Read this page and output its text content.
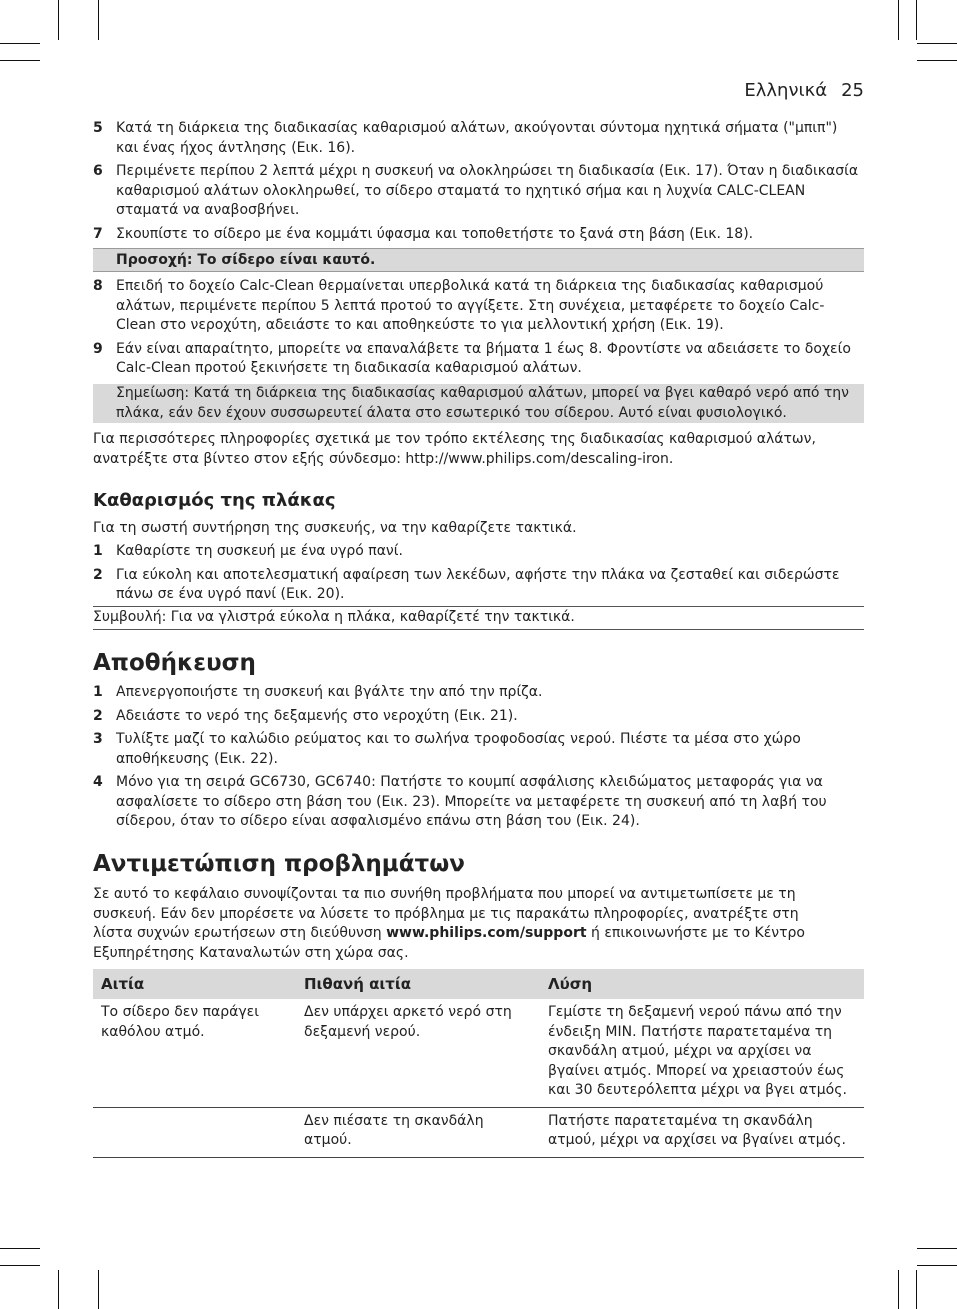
Ελληνικά 25
5 Κατά τη διάρκεια της διαδικασίας καθαρισμού αλάτων, ακούγονται σύντομα ηχητικά σήματα ("μπιπ") και ένας ήχος άντλησης (Εικ. 16).
6 Περιμένετε περίπου 2 λεπτά μέχρι η συσκευή να ολοκληρώσει τη διαδικασία (Εικ. 17). Όταν η διαδικασία καθαρισμού αλάτων ολοκληρωθεί, το σίδερο σταματά το ηχητικό σήμα και η λυχνία CALC-CLEAN σταματά να αναβοσβήνει.
7 Σκουπίστε το σίδερο με ένα κομμάτι ύφασμα και τοποθετήστε το ξανά στη βάση (Εικ. 18).
Προσοχή: Το σίδερο είναι καυτό.
8 Επειδή το δοχείο Calc-Clean θερμαίνεται υπερβολικά κατά τη διάρκεια της διαδικασίας καθαρισμού αλάτων, περιμένετε περίπου 5 λεπτά προτού το αγγίξετε. Στη συνέχεια, μεταφέρετε το δοχείο Calc-Clean στο νεροχύτη, αδειάστε το και αποθηκεύστε το για μελλοντική χρήση (Εικ. 19).
9 Εάν είναι απαραίτητο, μπορείτε να επαναλάβετε τα βήματα 1 έως 8. Φροντίστε να αδειάσετε το δοχείο Calc-Clean προτού ξεκινήσετε τη διαδικασία καθαρισμού αλάτων.
Σημείωση: Κατά τη διάρκεια της διαδικασίας καθαρισμού αλάτων, μπορεί να βγει καθαρό νερό από την πλάκα, εάν δεν έχουν συσσωρευτεί άλατα στο εσωτερικό του σίδερου. Αυτό είναι φυσιολογικό.
Για περισσότερες πληροφορίες σχετικά με τον τρόπο εκτέλεσης της διαδικασίας καθαρισμού αλάτων, ανατρέξτε στα βίντεο στον εξής σύνδεσμο: http://www.philips.com/descaling-iron.
Καθαρισμός της πλάκας
Για τη σωστή συντήρηση της συσκευής, να την καθαρίζετε τακτικά.
1 Καθαρίστε τη συσκευή με ένα υγρό πανί.
2 Για εύκολη και αποτελεσματική αφαίρεση των λεκέδων, αφήστε την πλάκα να ζεσταθεί και σιδερώστε πάνω σε ένα υγρό πανί (Εικ. 20).
Συμβουλή: Για να γλιστρά εύκολα η πλάκα, καθαρίζετέ την τακτικά.
Αποθήκευση
1 Απενεργοποιήστε τη συσκευή και βγάλτε την από την πρίζα.
2 Αδειάστε το νερό της δεξαμενής στο νεροχύτη (Εικ. 21).
3 Τυλίξτε μαζί το καλώδιο ρεύματος και το σωλήνα τροφοδοσίας νερού. Πιέστε τα μέσα στο χώρο αποθήκευσης (Εικ. 22).
4 Μόνο για τη σειρά GC6730, GC6740: Πατήστε το κουμπί ασφάλισης κλειδώματος μεταφοράς για να ασφαλίσετε το σίδερο στη βάση του (Εικ. 23). Μπορείτε να μεταφέρετε τη συσκευή από τη λαβή του σίδερου, όταν το σίδερο είναι ασφαλισμένο επάνω στη βάση του (Εικ. 24).
Αντιμετώπιση προβλημάτων
Σε αυτό το κεφάλαιο συνοψίζονται τα πιο συνήθη προβλήματα που μπορεί να αντιμετωπίσετε με τη συσκευή. Εάν δεν μπορέσετε να λύσετε το πρόβλημα με τις παρακάτω πληροφορίες, ανατρέξτε στη λίστα συχνών ερωτήσεων στη διεύθυνση www.philips.com/support ή επικοινωνήστε με το Κέντρο Εξυπηρέτησης Καταναλωτών στη χώρα σας.
Αιτία	Πιθανή αιτία	Λύση
Το σίδερο δεν παράγει καθόλου ατμό.	Δεν υπάρχει αρκετό νερό στη δεξαμενή νερού.	Γεμίστε τη δεξαμενή νερού πάνω από την ένδειξη MIN. Πατήστε παρατεταμένα τη σκανδάλη ατμού, μέχρι να αρχίσει να βγαίνει ατμός. Μπορεί να χρειαστούν έως και 30 δευτερόλεπτα μέχρι να βγει ατμός.
	Δεν πιέσατε τη σκανδάλη ατμού.	Πατήστε παρατεταμένα τη σκανδάλη ατμού, μέχρι να αρχίσει να βγαίνει ατμός.
